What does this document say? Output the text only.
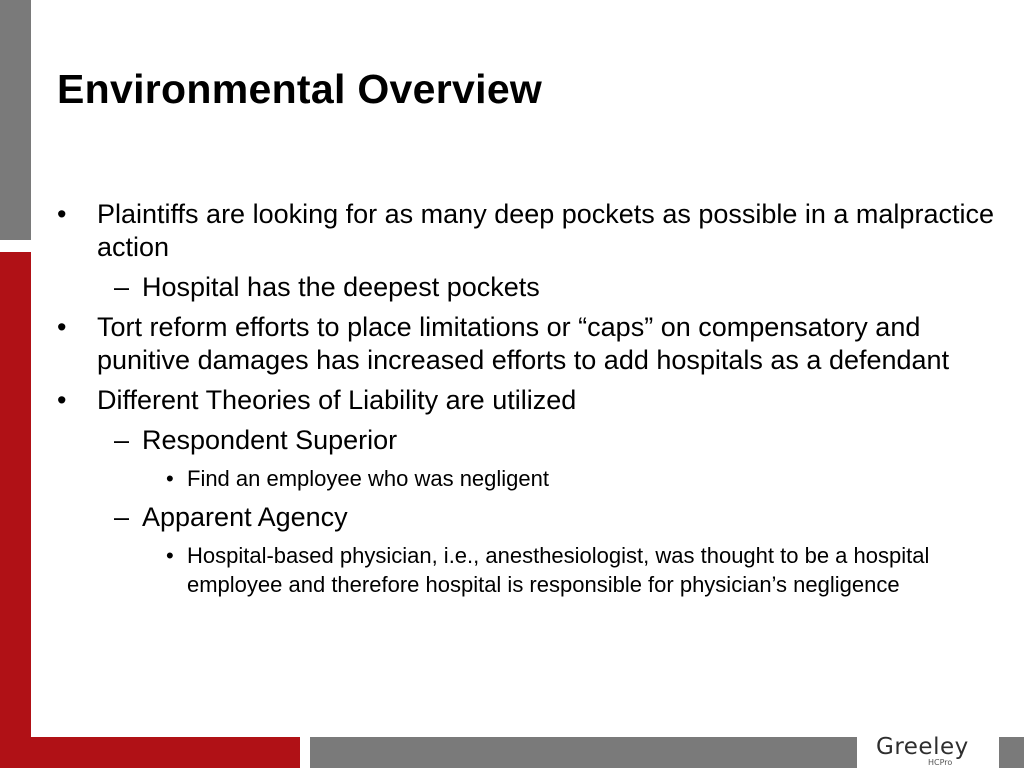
Greeley
HCPro
Environmental Overview
• Plaintiffs are looking for as many deep pockets as possible in a malpractice action
– Hospital has the deepest pockets
• Tort reform efforts to place limitations or “caps” on compensatory and punitive damages has increased efforts to add hospitals as a defendant
• Different Theories of Liability are utilized
– Respondent Superior
• Find an employee who was negligent
– Apparent Agency
• Hospital-based physician, i.e., anesthesiologist, was thought to be a hospital employee and therefore hospital is responsible for physician’s negligence
